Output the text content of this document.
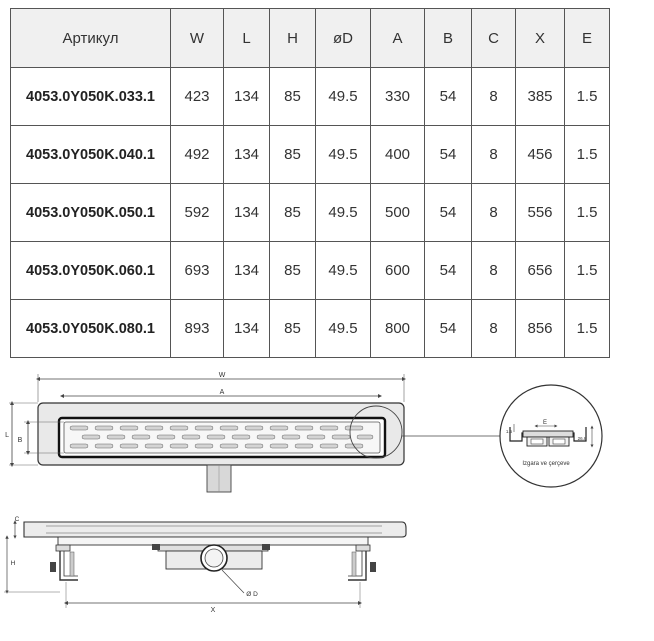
Артикул	W	L	H	øD	A	B	C	X	E
4053.0Y050K.033.1	423	134	85	49.5	330	54	8	385	1.5
4053.0Y050K.040.1	492	134	85	49.5	400	54	8	456	1.5
4053.0Y050K.050.1	592	134	85	49.5	500	54	8	556	1.5
4053.0Y050K.060.1	693	134	85	49.5	600	54	8	656	1.5
4053.0Y050K.080.1	893	134	85	49.5	800	54	8	856	1.5
W
A
L
B
E
1.5
26.8
Izgara ve çerçeve
C
H
Ø D
X
